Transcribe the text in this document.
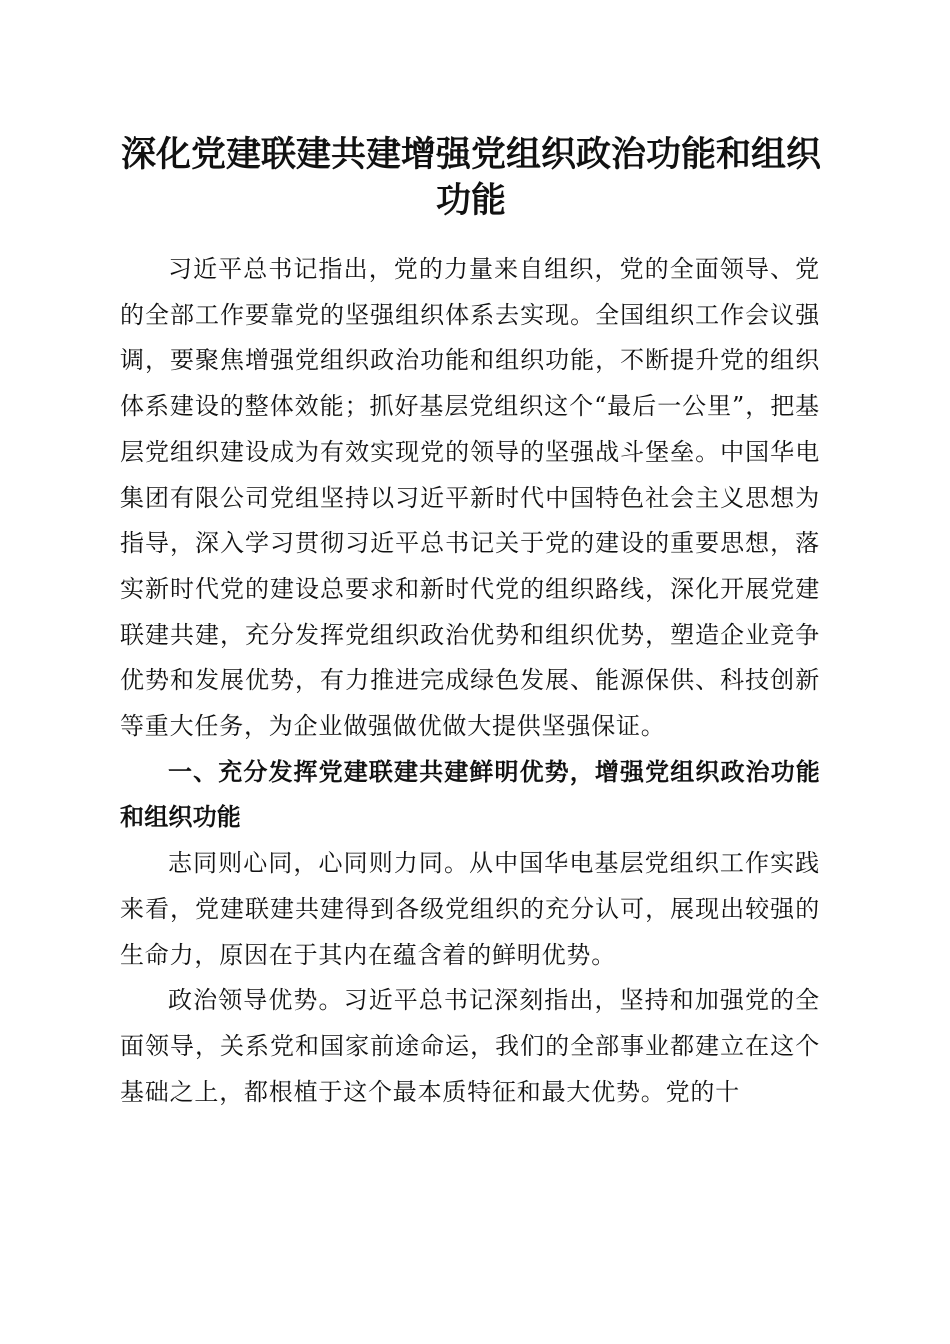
深化党建联建共建增强党组织政治功能和组织功能

习近平总书记指出，党的力量来自组织，党的全面领导、党的全部工作要靠党的坚强组织体系去实现。全国组织工作会议强调，要聚焦增强党组织政治功能和组织功能，不断提升党的组织体系建设的整体效能；抓好基层党组织这个“最后一公里”，把基层党组织建设成为有效实现党的领导的坚强战斗堡垒。中国华电集团有限公司党组坚持以习近平新时代中国特色社会主义思想为指导，深入学习贯彻习近平总书记关于党的建设的重要思想，落实新时代党的建设总要求和新时代党的组织路线，深化开展党建联建共建，充分发挥党组织政治优势和组织优势，塑造企业竞争优势和发展优势，有力推进完成绿色发展、能源保供、科技创新等重大任务，为企业做强做优做大提供坚强保证。

一、充分发挥党建联建共建鲜明优势，增强党组织政治功能和组织功能

志同则心同，心同则力同。从中国华电基层党组织工作实践来看，党建联建共建得到各级党组织的充分认可，展现出较强的生命力，原因在于其内在蕴含着的鲜明优势。

政治领导优势。习近平总书记深刻指出，坚持和加强党的全面领导，关系党和国家前途命运，我们的全部事业都建立在这个基础之上，都根植于这个最本质特征和最大优势。党的十
